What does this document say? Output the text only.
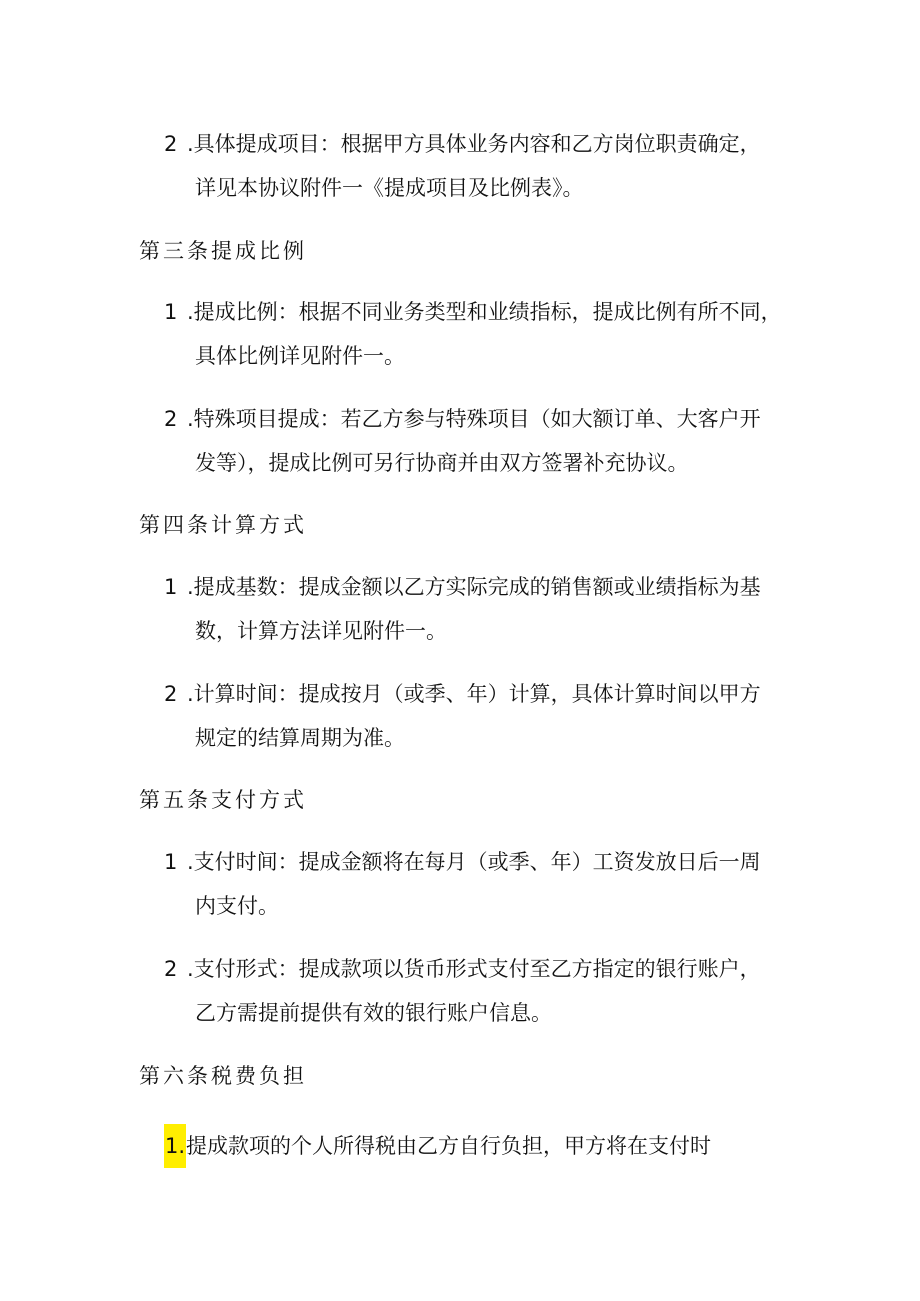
2 .具体提成项目：根据甲方具体业务内容和乙方岗位职责确定，
详见本协议附件一《提成项目及比例表》。
第三条提成比例
1 .提成比例：根据不同业务类型和业绩指标，提成比例有所不同，
具体比例详见附件一。
2 .特殊项目提成：若乙方参与特殊项目（如大额订单、大客户开
发等），提成比例可另行协商并由双方签署补充协议。
第四条计算方式
1 .提成基数：提成金额以乙方实际完成的销售额或业绩指标为基
数，计算方法详见附件一。
2 .计算时间：提成按月（或季、年）计算，具体计算时间以甲方
规定的结算周期为准。
第五条支付方式
1 .支付时间：提成金额将在每月（或季、年）工资发放日后一周
内支付。
2 .支付形式：提成款项以货币形式支付至乙方指定的银行账户，
乙方需提前提供有效的银行账户信息。
第六条税费负担
1.提成款项的个人所得税由乙方自行负担，甲方将在支付时
